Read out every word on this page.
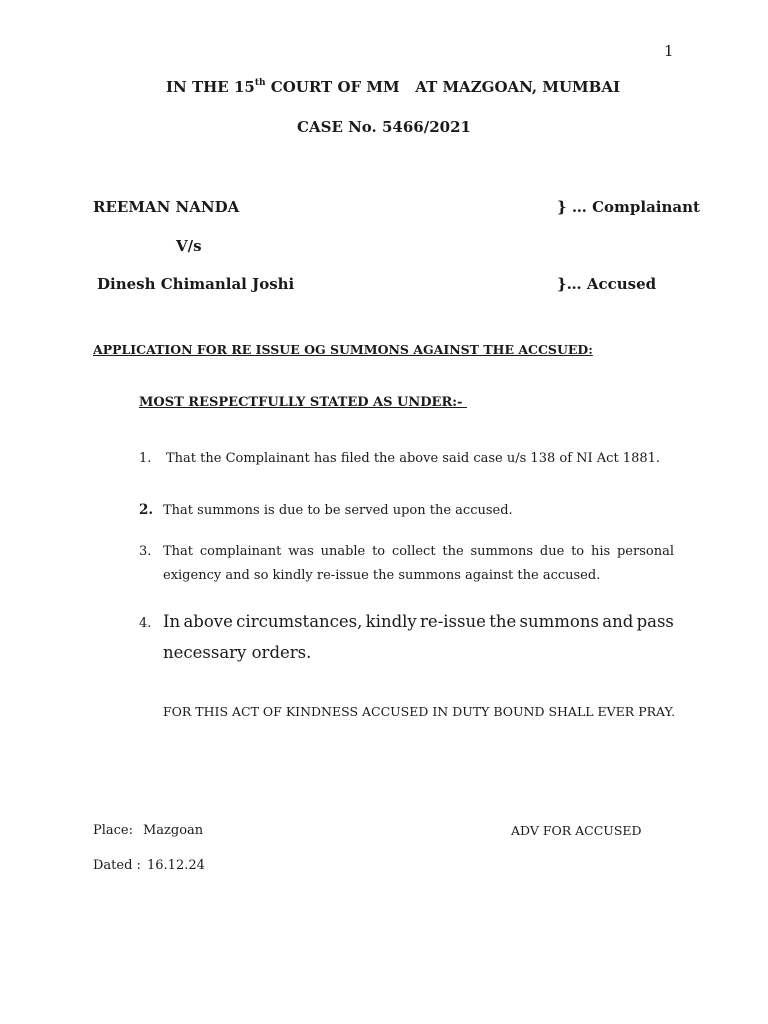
1
IN THE 15th COURT OF MM   AT MAZGOAN, MUMBAI
CASE No. 5466/2021
REEMAN NANDA	} … Complainant
V/s
Dinesh Chimanlal Joshi	}… Accused
APPLICATION FOR RE ISSUE OG SUMMONS AGAINST THE ACCSUED:
MOST RESPECTFULLY STATED AS UNDER:-
1. That the Complainant has filed the above said case u/s 138 of NI Act 1881.
2. That summons is due to be served upon the accused.
3. That complainant was unable to collect the summons due to his personal
exigency and so kindly re-issue the summons against the accused.
4. In above circumstances, kindly re-issue the summons and pass
necessary orders.
FOR THIS ACT OF KINDNESS ACCUSED IN DUTY BOUND SHALL EVER PRAY.
Place: Mazgoan	ADV FOR ACCUSED
Dated : 16.12.24
